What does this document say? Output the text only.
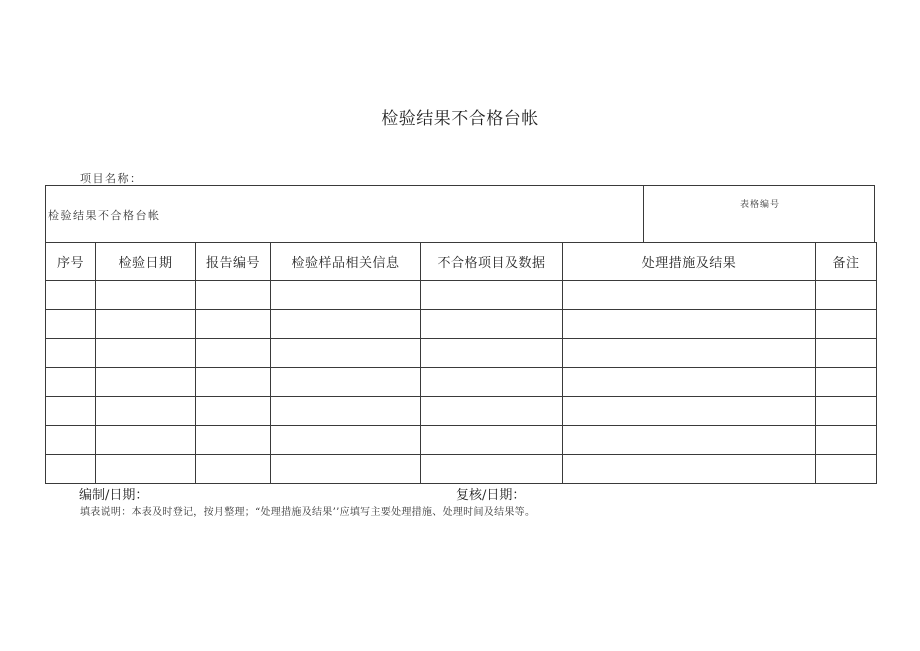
检验结果不合格台帐
项目名称：
检验结果不合格台帐
表格编号
序号	检验日期	报告编号	检验样品相关信息	不合格项目及数据	处理措施及结果	备注

编制/日期：	复核/日期：
填表说明：本表及时登记，按月整理；“处理措施及结果’’应填写主要处理措施、处理时间及结果等。
